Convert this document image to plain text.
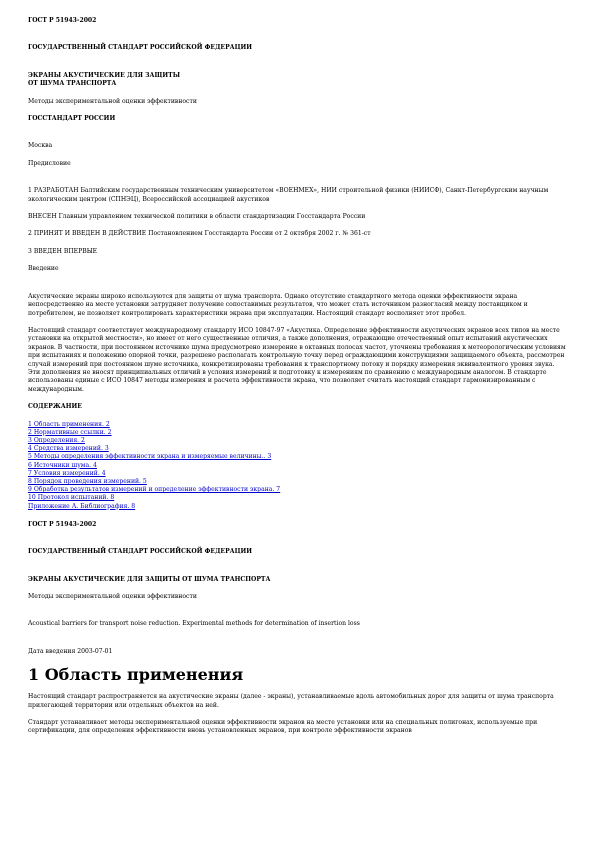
ГОСТ Р 51943-2002

ГОСУДАРСТВЕННЫЙ СТАНДАРТ РОССИЙСКОЙ ФЕДЕРАЦИИ

ЭКРАНЫ АКУСТИЧЕСКИЕ ДЛЯ ЗАЩИТЫ

ОТ ШУМА ТРАНСПОРТА

Методы экспериментальной оценки эффективности

ГОССТАНДАРТ РОССИИ

Москва

Предисловие

1 РАЗРАБОТАН Балтийским государственным техническим университетом «ВОЕНМЕХ», НИИ строительной физики (НИИСФ), Санкт-Петербургским научным экологическим центром (СПНЭЦ), Всероссийской ассоциацией акустиков

ВНЕСЕН Главным управлением технической политики в области стандартизации Госстандарта России

2 ПРИНЯТ И ВВЕДЕН В ДЕЙСТВИЕ Постановлением Госстандарта России от 2 октября 2002 г. № 361-ст

3 ВВЕДЕН ВПЕРВЫЕ

Введение

Акустические экраны широко используются для защиты от шума транспорта. Однако отсутствие стандартного метода оценки эффективности экрана непосредственно на месте установки затрудняет получение сопоставимых результатов, что может стать источником разногласий между поставщиком и потребителем, не позволяет контролировать характеристики экрана при эксплуатации. Настоящий стандарт восполняет этот пробел.

Настоящий стандарт соответствует международному стандарту ИСО 10847-97 «Акустика. Определение эффективности акустических экранов всех типов на месте установки на открытой местности», но имеет от него существенные отличия, а также дополнения, отражающие отечественный опыт испытаний акустических экранов. В частности, при постоянном источнике шума предусмотрено измерение в октавных полосах частот, уточнены требования к метеорологическим условиям при испытаниях и положению опорной точки, разрешено располагать контрольную точку перед ограждающими конструкциями защищаемого объекта, рассмотрен случай измерений при постоянном шуме источника, конкретизированы требования к транспортному потоку и порядку измерения эквивалентного уровня звука. Эти дополнения не вносят принципиальных отличий в условия измерений и подготовку к измерениям по сравнению с международным аналогом. В стандарте использованы единые с ИСО 10847 методы измерения и расчета эффективности экрана, что позволяет считать настоящий стандарт гармонизированным с международным.

СОДЕРЖАНИЕ

1 Область применения. 2
2 Нормативные ссылки. 2
3 Определения. 2
4 Средства измерений. 3
5 Методы определения эффективности экрана и измеряемые величины.. 3
6 Источники шума. 4
7 Условия измерений. 4
8 Порядок проведения измерений. 5
9 Обработка результатов измерений и определение эффективности экрана. 7
10 Протокол испытаний. 8
Приложение А. Библиография. 8

ГОСТ Р 51943-2002

ГОСУДАРСТВЕННЫЙ СТАНДАРТ РОССИЙСКОЙ ФЕДЕРАЦИИ

ЭКРАНЫ АКУСТИЧЕСКИЕ ДЛЯ ЗАЩИТЫ ОТ ШУМА ТРАНСПОРТА

Методы экспериментальной оценки эффективности

Acoustical barriers for transport noise reduction. Experimental methods for determination of insertion loss

Дата введения 2003-07-01

1 Область применения

Настоящий стандарт распространяется на акустические экраны (далее - экраны), устанавливаемые вдоль автомобильных дорог для защиты от шума транспорта прилегающей территории или отдельных объектов на ней.

Стандарт устанавливает методы экспериментальной оценки эффективности экранов на месте установки или на специальных полигонах, используемые при сертификации, для определения эффективности вновь установленных экранов, при контроле эффективности экранов
